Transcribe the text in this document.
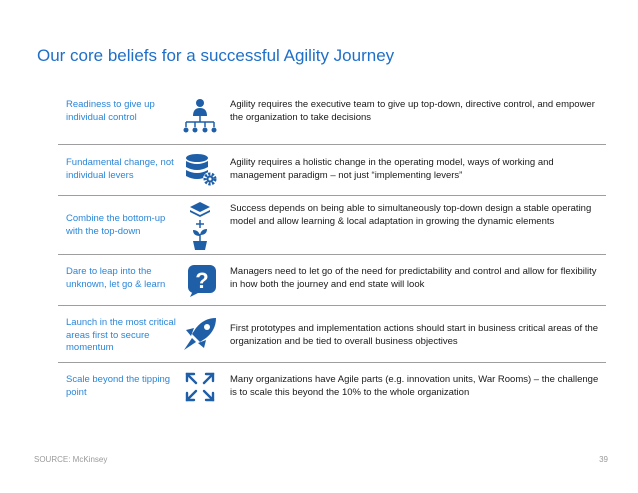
Our core beliefs for a successful Agility Journey
Readiness to give up individual control
Agility requires the executive team to give up top-down, directive control, and empower the organization to take decisions
Fundamental change, not individual levers
Agility requires a holistic change in the operating model, ways of working and management paradigm – not just “implementing levers”
Combine the bottom-up with the top-down
Success depends on being able to simultaneously top-down design a stable operating model and allow learning & local adaptation in growing the dynamic elements
Dare to leap into the unknown, let go & learn	? Managers need to let go of the need for predictability and control and allow for flexibility in how both the journey and end state will look
Launch in the most critical areas first to secure momentum
First prototypes and implementation actions should start in business critical areas of the organization and be tied to overall business objectives
Scale beyond the tipping point
Many organizations have Agile parts (e.g. innovation units, War Rooms) – the challenge is to scale this beyond the 10% to the whole organization
SOURCE: McKinsey	39
